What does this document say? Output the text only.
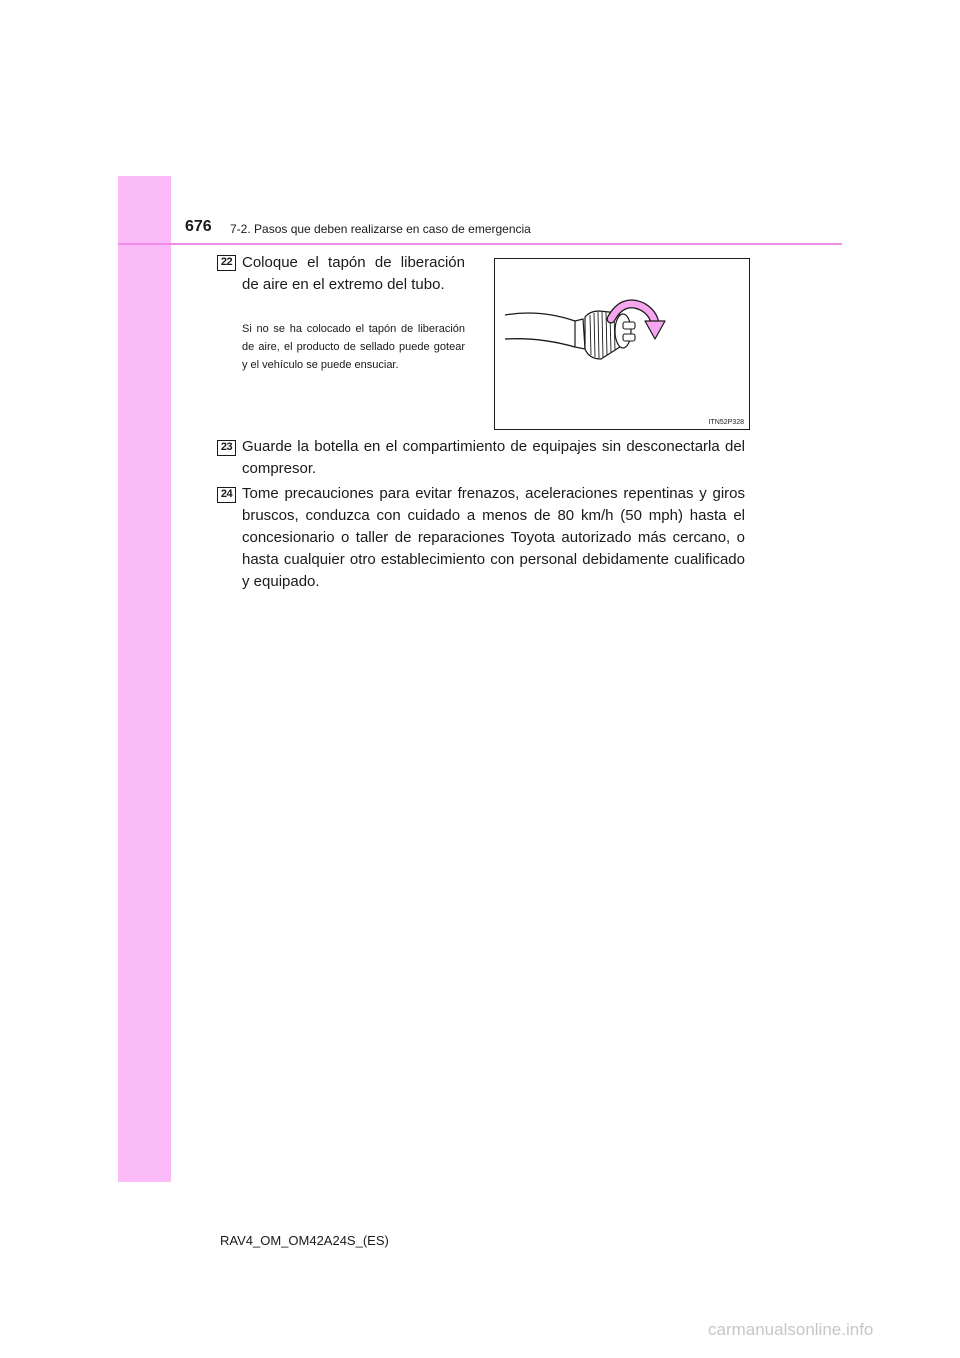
676 7-2. Pasos que deben realizarse en caso de emergencia
22 Coloque el tapón de liberación de aire en el extremo del tubo.

Si no se ha colocado el tapón de liberación de aire, el producto de sellado puede gotear y el vehículo se puede ensuciar.

ITN52P328
23 Guarde la botella en el compartimiento de equipajes sin desconectarla del compresor.

24 Tome precauciones para evitar frenazos, aceleraciones repentinas y giros bruscos, conduzca con cuidado a menos de 80 km/h (50 mph) hasta el concesionario o taller de reparaciones Toyota autorizado más cercano, o hasta cualquier otro establecimiento con personal debidamente cualificado y equipado.

RAV4_OM_OM42A24S_(ES)
carmanualsonline.info
